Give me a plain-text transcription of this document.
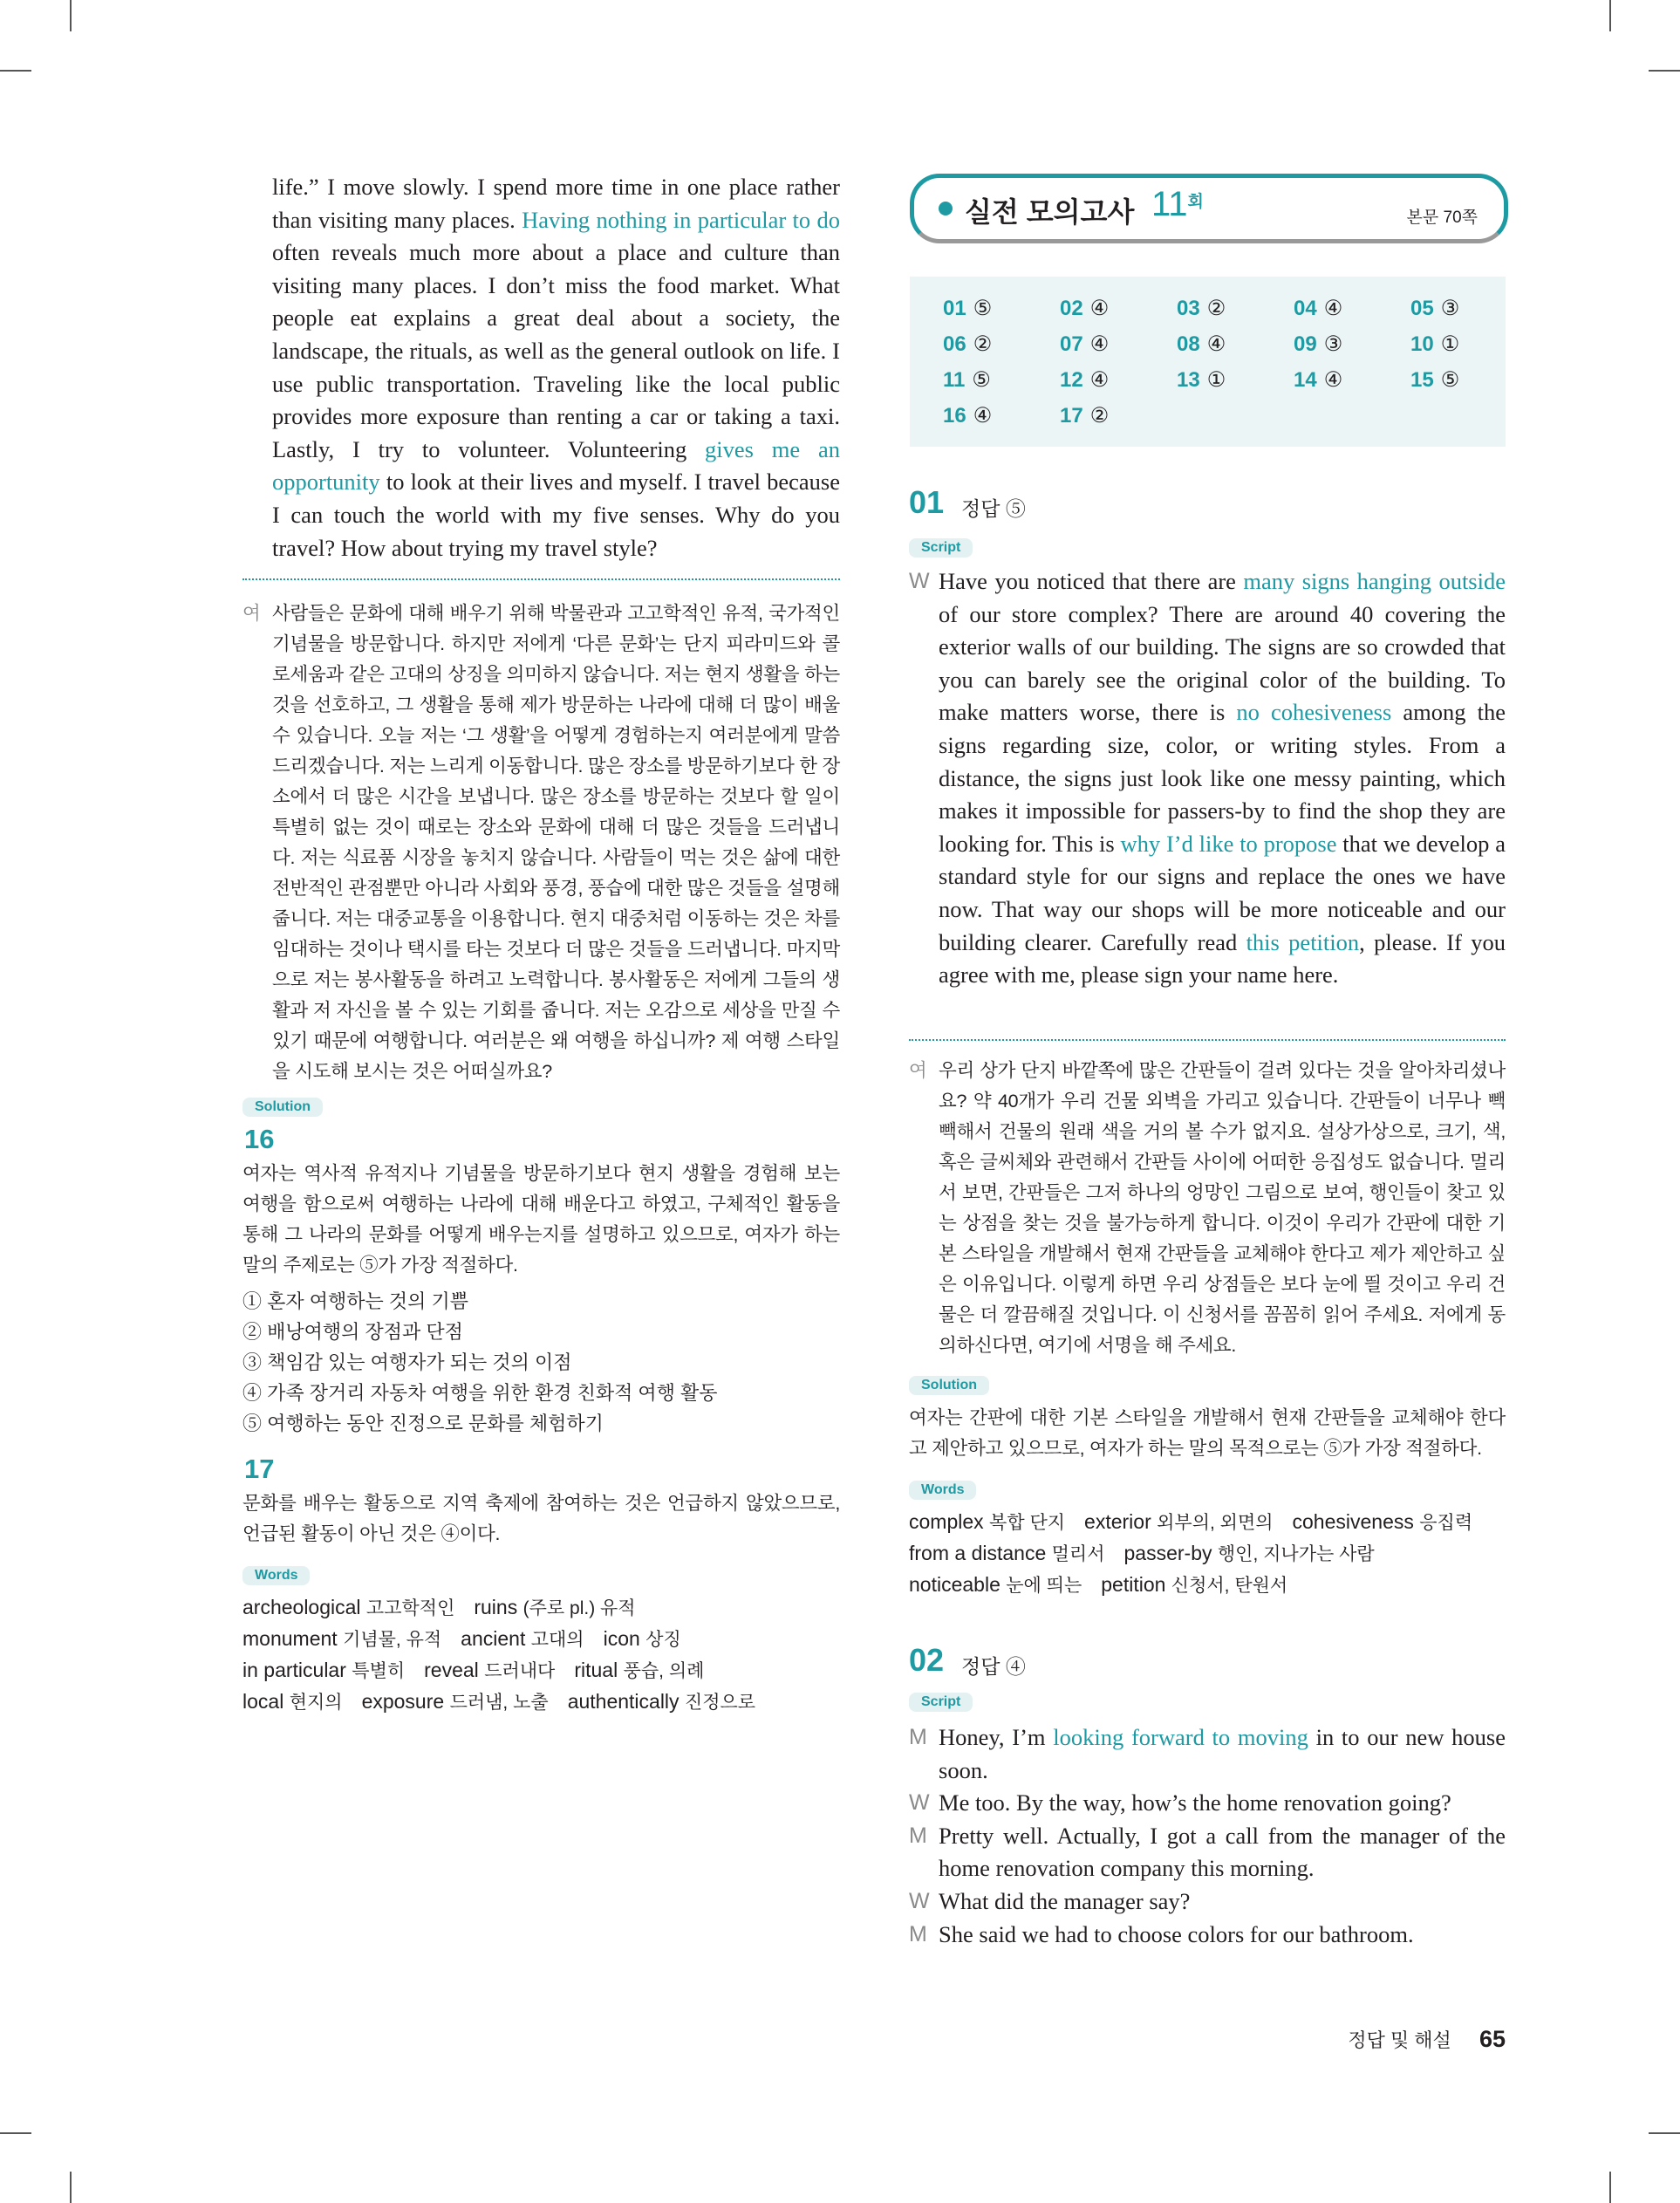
life.” I move slowly. I spend more time in one place rather than visiting many places. Having nothing in particular to do often reveals much more about a place and culture than visiting many places. I don’t miss the food market. What people eat explains a great deal about a society, the landscape, the rituals, as well as the general outlook on life. I use public transportation. Traveling like the local public provides more exposure than renting a car or taking a taxi. Lastly, I try to volunteer. Volunteering gives me an opportunity to look at their lives and myself. I travel because I can touch the world with my five senses. Why do you travel? How about trying my travel style?
여 사람들은 문화에 대해 배우기 위해 박물관과 고고학적인 유적, 국가적인 기념물을 방문합니다. 하지만 저에게 ‘다른 문화’는 단지 피라미드와 콜로세움과 같은 고대의 상징을 의미하지 않습니다. 저는 현지 생활을 하는 것을 선호하고, 그 생활을 통해 제가 방문하는 나라에 대해 더 많이 배울 수 있습니다. 오늘 저는 ‘그 생활’을 어떻게 경험하는지 여러분에게 말씀드리겠습니다. 저는 느리게 이동합니다. 많은 장소를 방문하기보다 한 장소에서 더 많은 시간을 보냅니다. 많은 장소를 방문하는 것보다 할 일이 특별히 없는 것이 때로는 장소와 문화에 대해 더 많은 것들을 드러냅니다. 저는 식료품 시장을 놓치지 않습니다. 사람들이 먹는 것은 삶에 대한 전반적인 관점뿐만 아니라 사회와 풍경, 풍습에 대한 많은 것들을 설명해 줍니다. 저는 대중교통을 이용합니다. 현지 대중처럼 이동하는 것은 차를 임대하는 것이나 택시를 타는 것보다 더 많은 것들을 드러냅니다. 마지막으로 저는 봉사활동을 하려고 노력합니다. 봉사활동은 저에게 그들의 생활과 저 자신을 볼 수 있는 기회를 줍니다. 저는 오감으로 세상을 만질 수 있기 때문에 여행합니다. 여러분은 왜 여행을 하십니까? 제 여행 스타일을 시도해 보시는 것은 어떠실까요?
Solution
16
여자는 역사적 유적지나 기념물을 방문하기보다 현지 생활을 경험해 보는 여행을 함으로써 여행하는 나라에 대해 배운다고 하였고, 구체적인 활동을 통해 그 나라의 문화를 어떻게 배우는지를 설명하고 있으므로, 여자가 하는 말의 주제로는 ⑤가 가장 적절하다.
① 혼자 여행하는 것의 기쁨
② 배낭여행의 장점과 단점
③ 책임감 있는 여행자가 되는 것의 이점
④ 가족 장거리 자동차 여행을 위한 환경 친화적 여행 활동
⑤ 여행하는 동안 진정으로 문화를 체험하기
17
문화를 배우는 활동으로 지역 축제에 참여하는 것은 언급하지 않았으므로, 언급된 활동이 아닌 것은 ④이다.
Words
archeological 고고학적인 ruins (주로 pl.) 유적
monument 기념물, 유적 ancient 고대의 icon 상징
in particular 특별히 reveal 드러내다 ritual 풍습, 의례
local 현지의 exposure 드러냄, 노출 authentically 진정으로
실전 모의고사 $11^회$
본문 70쪽
01 ⑤	02 ④	03 ②	04 ④	05 ③
06 ②	07 ④	08 ④	09 ③	10 ①
11 ⑤	12 ④	13 ①	14 ④	15 ⑤
16 ④	17 ②
01 정답 ⑤
Script
W Have you noticed that there are many signs hanging outside of our store complex? There are around 40 covering the exterior walls of our building. The signs are so crowded that you can barely see the original color of the building. To make matters worse, there is no cohesiveness among the signs regarding size, color, or writing styles. From a distance, the signs just look like one messy painting, which makes it impossible for passers-by to find the shop they are looking for. This is why I’d like to propose that we develop a standard style for our signs and replace the ones we have now. That way our shops will be more noticeable and our building clearer. Carefully read this petition, please. If you agree with me, please sign your name here.
여 우리 상가 단지 바깥쪽에 많은 간판들이 걸려 있다는 것을 알아차리셨나요? 약 40개가 우리 건물 외벽을 가리고 있습니다. 간판들이 너무나 빽빽해서 건물의 원래 색을 거의 볼 수가 없지요. 설상가상으로, 크기, 색, 혹은 글씨체와 관련해서 간판들 사이에 어떠한 응집성도 없습니다. 멀리서 보면, 간판들은 그저 하나의 엉망인 그림으로 보여, 행인들이 찾고 있는 상점을 찾는 것을 불가능하게 합니다. 이것이 우리가 간판에 대한 기본 스타일을 개발해서 현재 간판들을 교체해야 한다고 제가 제안하고 싶은 이유입니다. 이렇게 하면 우리 상점들은 보다 눈에 띌 것이고 우리 건물은 더 깔끔해질 것입니다. 이 신청서를 꼼꼼히 읽어 주세요. 저에게 동의하신다면, 여기에 서명을 해 주세요.
Solution
여자는 간판에 대한 기본 스타일을 개발해서 현재 간판들을 교체해야 한다고 제안하고 있으므로, 여자가 하는 말의 목적으로는 ⑤가 가장 적절하다.
Words
complex 복합 단지 exterior 외부의, 외면의 cohesiveness 응집력
from a distance 멀리서 passer-by 행인, 지나가는 사람
noticeable 눈에 띄는 petition 신청서, 탄원서
02 정답 ④
Script
M Honey, I’m looking forward to moving in to our new house soon.
W Me too. By the way, how’s the home renovation going?
M Pretty well. Actually, I got a call from the manager of the home renovation company this morning.
W What did the manager say?
M She said we had to choose colors for our bathroom.
정답 및 해설 65
